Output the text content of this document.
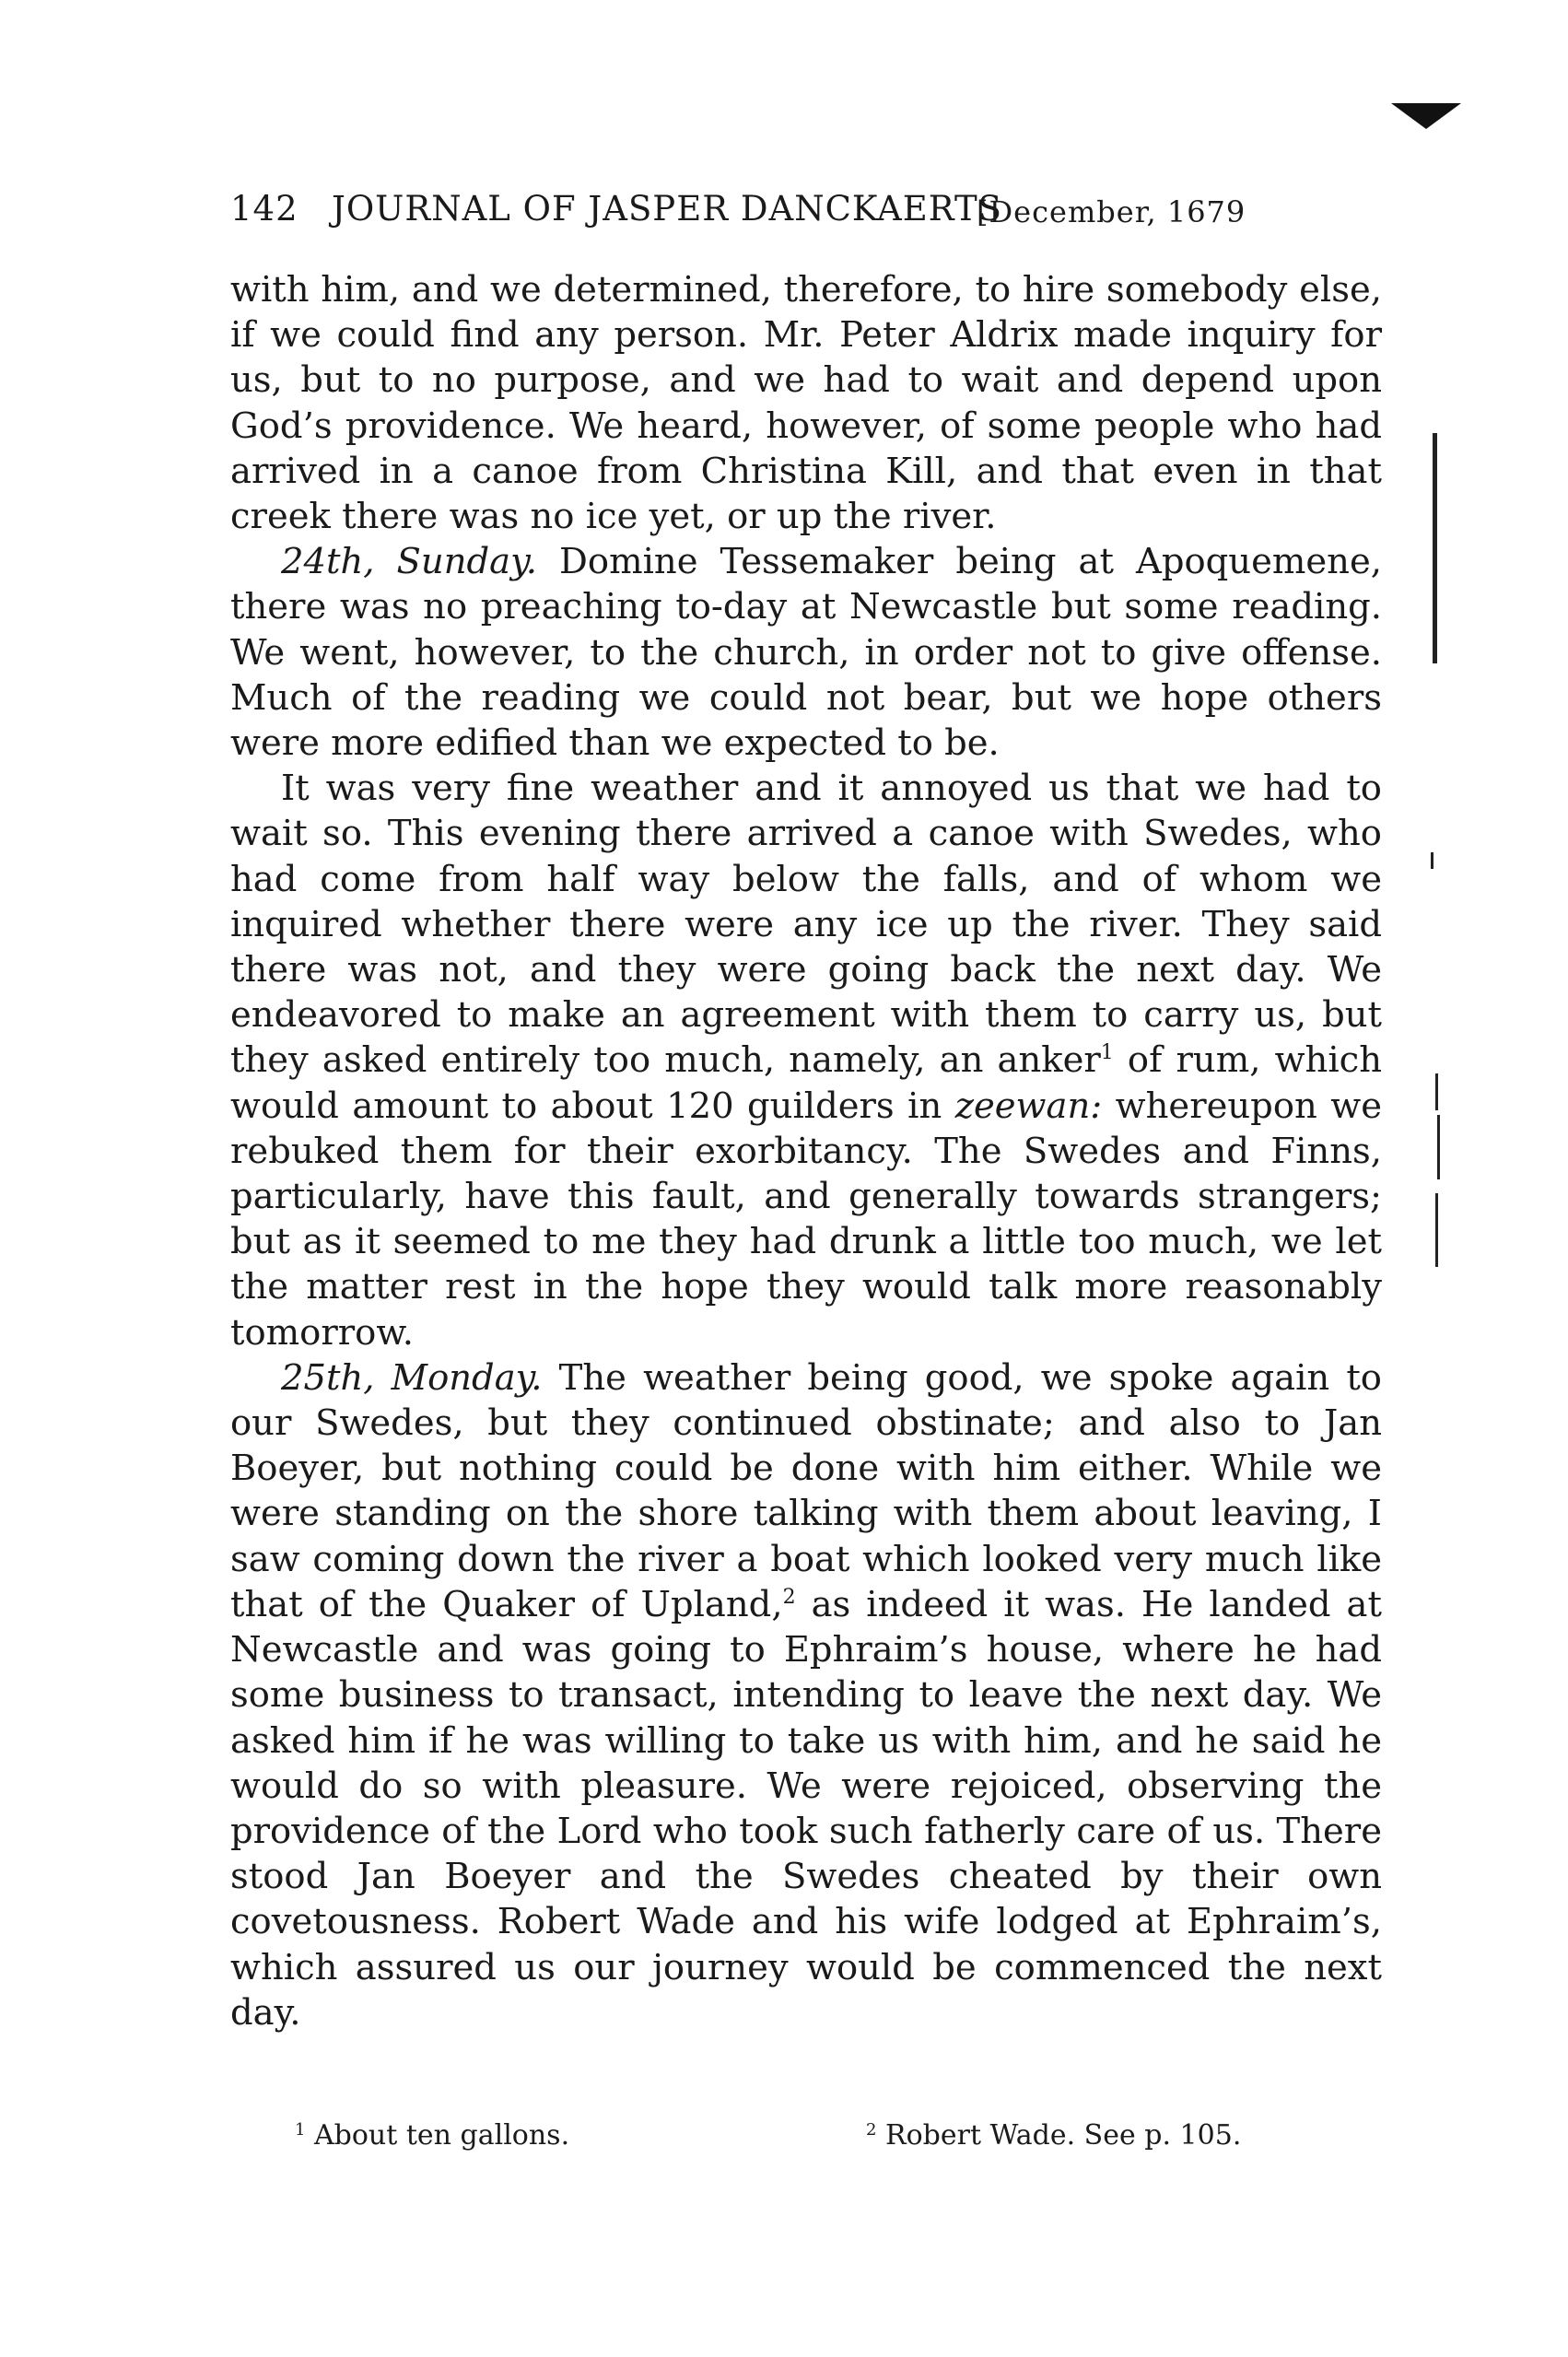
142 JOURNAL OF JASPER DANCKAERTS
[December, 1679

with him, and we determined, therefore, to hire somebody else, if we could find any person. Mr. Peter Aldrix made inquiry for us, but to no purpose, and we had to wait and depend upon God’s providence. We heard, however, of some people who had arrived in a canoe from Christina Kill, and that even in that creek there was no ice yet, or up the river.

24th, Sunday. Domine Tessemaker being at Apoquemene, there was no preaching to-day at Newcastle but some reading. We went, however, to the church, in order not to give offense. Much of the reading we could not bear, but we hope others were more edified than we expected to be.

It was very fine weather and it annoyed us that we had to wait so. This evening there arrived a canoe with Swedes, who had come from half way below the falls, and of whom we inquired whether there were any ice up the river. They said there was not, and they were going back the next day. We endeavored to make an agreement with them to carry us, but they asked entirely too much, namely, an anker$^1$ of rum, which would amount to about 120 guilders in zeewan: whereupon we rebuked them for their exorbitancy. The Swedes and Finns, particularly, have this fault, and generally towards strangers; but as it seemed to me they had drunk a little too much, we let the matter rest in the hope they would talk more reasonably tomorrow.

25th, Monday. The weather being good, we spoke again to our Swedes, but they continued obstinate; and also to Jan Boeyer, but nothing could be done with him either. While we were standing on the shore talking with them about leaving, I saw coming down the river a boat which looked very much like that of the Quaker of Upland,$^2$ as indeed it was. He landed at Newcastle and was going to Ephraim’s house, where he had some business to transact, intending to leave the next day. We asked him if he was willing to take us with him, and he said he would do so with pleasure. We were rejoiced, observing the providence of the Lord who took such fatherly care of us. There stood Jan Boeyer and the Swedes cheated by their own covetousness. Robert Wade and his wife lodged at Ephraim’s, which assured us our journey would be commenced the next day.

$^1$ About ten gallons.	$^2$ Robert Wade. See p. 105.
